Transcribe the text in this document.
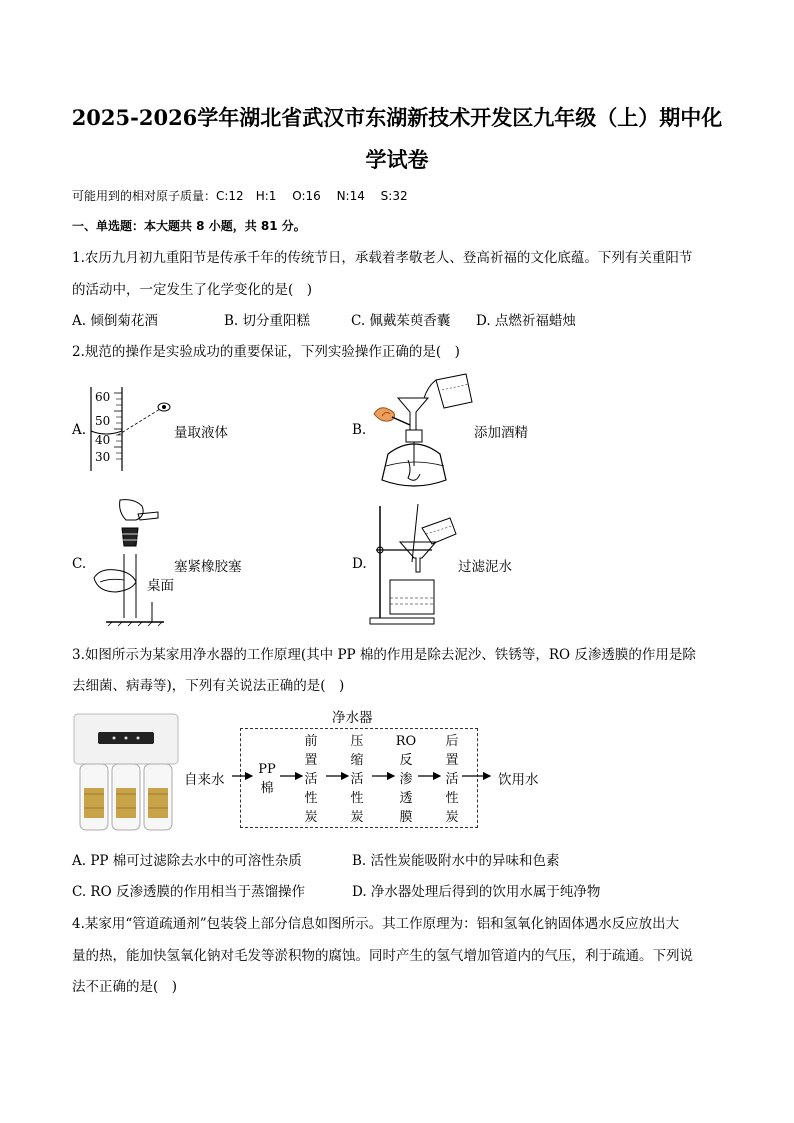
2025-2026学年湖北省武汉市东湖新技术开发区九年级（上）期中化
学试卷
可能用到的相对原子质量：C:12　H:1　 O:16　 N:14　 S:32
一、单选题：本大题共 8 小题，共 81 分。
1.农历九月初九重阳节是传承千年的传统节日，承载着孝敬老人、登高祈福的文化底蕴。下列有关重阳节
的活动中，一定发生了化学变化的是(　)
A. 倾倒菊花酒	B. 切分重阳糕	C. 佩戴茱萸香囊 D. 点燃祈福蜡烛
2.规范的操作是实验成功的重要保证，下列实验操作正确的是(　)
A.
60
50
40
30
量取液体	B.	添加酒精
C.	塞紧橡胶塞
桌面
D.	过滤泥水
3.如图所示为某家用净水器的工作原理(其中 PP 棉的作用是除去泥沙、铁锈等，RO 反渗透膜的作用是除
去细菌、病毒等)，下列有关说法正确的是(　)
净水器
自来水	饮用水
PP
棉
前
置
活
性
炭
压
缩
活
性
炭
RO
反
渗
透
膜
后
置
活
性
炭
A. PP 棉可过滤除去水中的可溶性杂质	B. 活性炭能吸附水中的异味和色素
C. RO 反渗透膜的作用相当于蒸馏操作	D. 净水器处理后得到的饮用水属于纯净物
4.某家用“管道疏通剂”包装袋上部分信息如图所示。其工作原理为：铝和氢氧化钠固体遇水反应放出大
量的热，能加快氢氧化钠对毛发等淤积物的腐蚀。同时产生的氢气增加管道内的气压，利于疏通。下列说
法不正确的是(　)
